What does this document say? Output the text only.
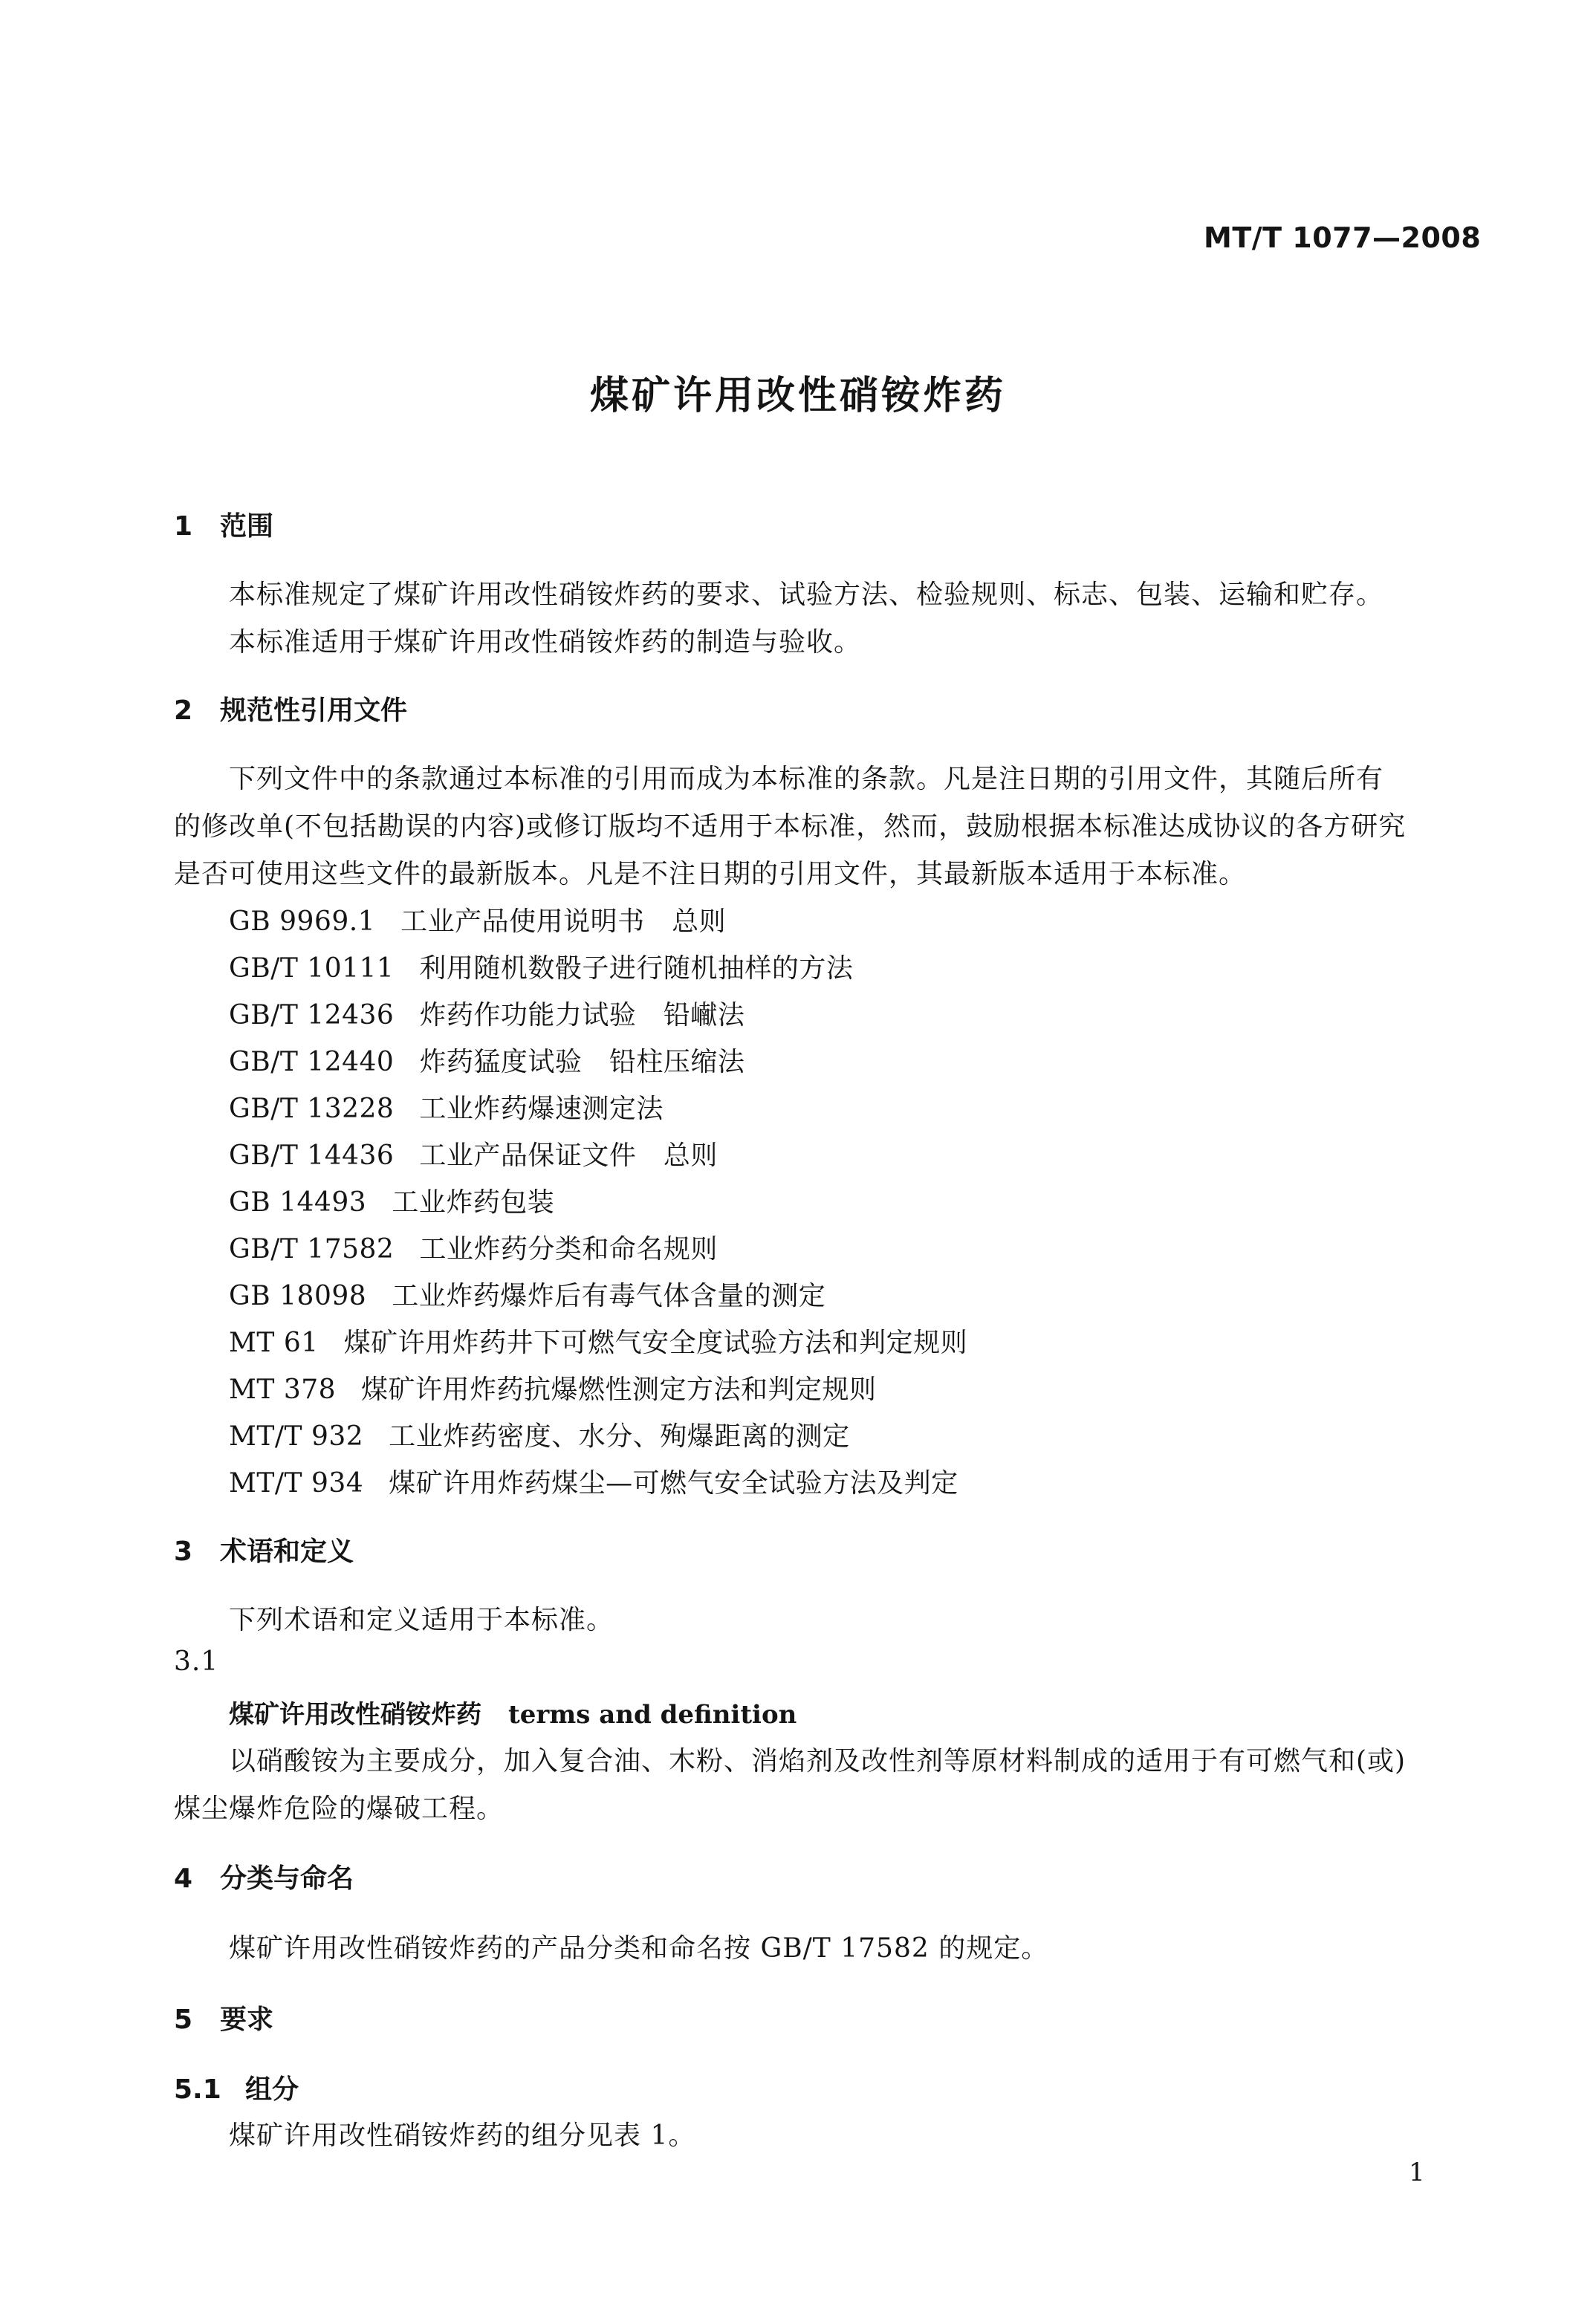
MT/T 1077—2008
煤矿许用改性硝铵炸药
1 范围
本标准规定了煤矿许用改性硝铵炸药的要求、试验方法、检验规则、标志、包装、运输和贮存。
本标准适用于煤矿许用改性硝铵炸药的制造与验收。
2 规范性引用文件
下列文件中的条款通过本标准的引用而成为本标准的条款。凡是注日期的引用文件，其随后所有
的修改单(不包括勘误的内容)或修订版均不适用于本标准，然而，鼓励根据本标准达成协议的各方研究
是否可使用这些文件的最新版本。凡是不注日期的引用文件，其最新版本适用于本标准。
GB 9969.1 工业产品使用说明书　总则
GB/T 10111 利用随机数骰子进行随机抽样的方法
GB/T 12436 炸药作功能力试验　铅𪩘法
GB/T 12440 炸药猛度试验　铅柱压缩法
GB/T 13228 工业炸药爆速测定法
GB/T 14436 工业产品保证文件　总则
GB 14493 工业炸药包装
GB/T 17582 工业炸药分类和命名规则
GB 18098 工业炸药爆炸后有毒气体含量的测定
MT 61 煤矿许用炸药井下可燃气安全度试验方法和判定规则
MT 378 煤矿许用炸药抗爆燃性测定方法和判定规则
MT/T 932 工业炸药密度、水分、殉爆距离的测定
MT/T 934 煤矿许用炸药煤尘—可燃气安全试验方法及判定
3 术语和定义
下列术语和定义适用于本标准。
3.1
煤矿许用改性硝铵炸药 terms and definition
以硝酸铵为主要成分，加入复合油、木粉、消焰剂及改性剂等原材料制成的适用于有可燃气和(或)
煤尘爆炸危险的爆破工程。
4 分类与命名
煤矿许用改性硝铵炸药的产品分类和命名按 GB/T 17582 的规定。
5 要求
5.1 组分
煤矿许用改性硝铵炸药的组分见表 1。
1
